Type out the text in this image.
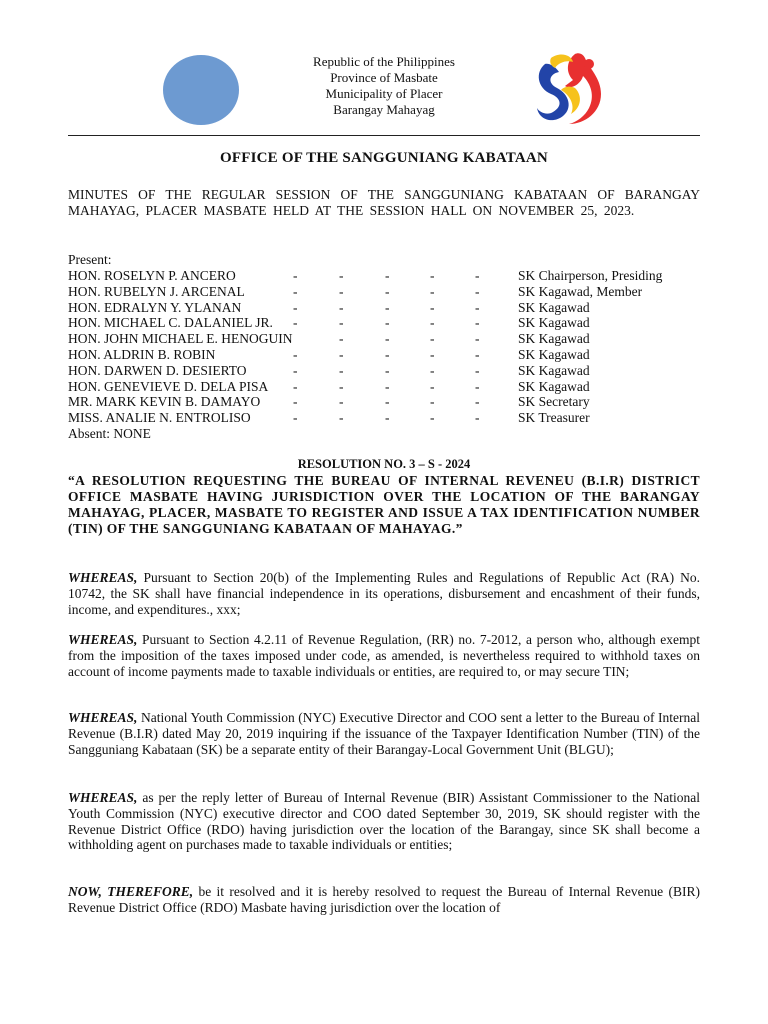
Republic of the Philippines
Province of Masbate
Municipality of Placer
Barangay Mahayag
OFFICE OF THE SANGGUNIANG KABATAAN
MINUTES OF THE REGULAR SESSION OF THE SANGGUNIANG KABATAAN OF BARANGAY MAHAYAG, PLACER MASBATE HELD AT THE SESSION HALL ON NOVEMBER 25, 2023.
Present:
HON. ROSELYN P. ANCERO	-	-	-	-	-	SK Chairperson, Presiding
HON. RUBELYN J. ARCENAL	-	-	-	-	-	SK Kagawad, Member
HON. EDRALYN Y. YLANAN	-	-	-	-	-	SK Kagawad
HON. MICHAEL C. DALANIEL JR. -	-	-	-	-	SK Kagawad
HON. JOHN MICHAEL E. HENOGUIN	-	-	-	-	SK Kagawad
HON. ALDRIN B. ROBIN	-	-	-	-	-	SK Kagawad
HON. DARWEN D. DESIERTO	-	-	-	-	-	SK Kagawad
HON. GENEVIEVE D. DELA PISA -	-	-	-	-	SK Kagawad
MR. MARK KEVIN B. DAMAYO -	-	-	-	-	SK Secretary
MISS. ANALIE N. ENTROLISO	-	-	-	-	-	SK Treasurer
Absent: NONE
RESOLUTION NO. 3 – S - 2024
“A RESOLUTION REQUESTING THE BUREAU OF INTERNAL REVENEU (B.I.R) DISTRICT OFFICE MASBATE HAVING JURISDICTION OVER THE LOCATION OF THE BARANGAY MAHAYAG, PLACER, MASBATE TO REGISTER AND ISSUE A TAX IDENTIFICATION NUMBER (TIN) OF THE SANGGUNIANG KABATAAN OF MAHAYAG.”
WHEREAS, Pursuant to Section 20(b) of the Implementing Rules and Regulations of Republic Act (RA) No. 10742, the SK shall have financial independence in its operations, disbursement and encashment of their funds, income, and expenditures., xxx;
WHEREAS, Pursuant to Section 4.2.11 of Revenue Regulation, (RR) no. 7-2012, a person who, although exempt from the imposition of the taxes imposed under code, as amended, is nevertheless required to withhold taxes on account of income payments made to taxable individuals or entities, are required to, or may secure TIN;
WHEREAS, National Youth Commission (NYC) Executive Director and COO sent a letter to the Bureau of Internal Revenue (B.I.R) dated May 20, 2019 inquiring if the issuance of the Taxpayer Identification Number (TIN) of the Sangguniang Kabataan (SK) be a separate entity of their Barangay-Local Government Unit (BLGU);
WHEREAS, as per the reply letter of Bureau of Internal Revenue (BIR) Assistant Commissioner to the National Youth Commission (NYC) executive director and COO dated September 30, 2019, SK should register with the Revenue District Office (RDO) having jurisdiction over the location of the Barangay, since SK shall become a withholding agent on purchases made to taxable individuals or entities;
NOW, THEREFORE, be it resolved and it is hereby resolved to request the Bureau of Internal Revenue (BIR) Revenue District Office (RDO) Masbate having jurisdiction over the location of
